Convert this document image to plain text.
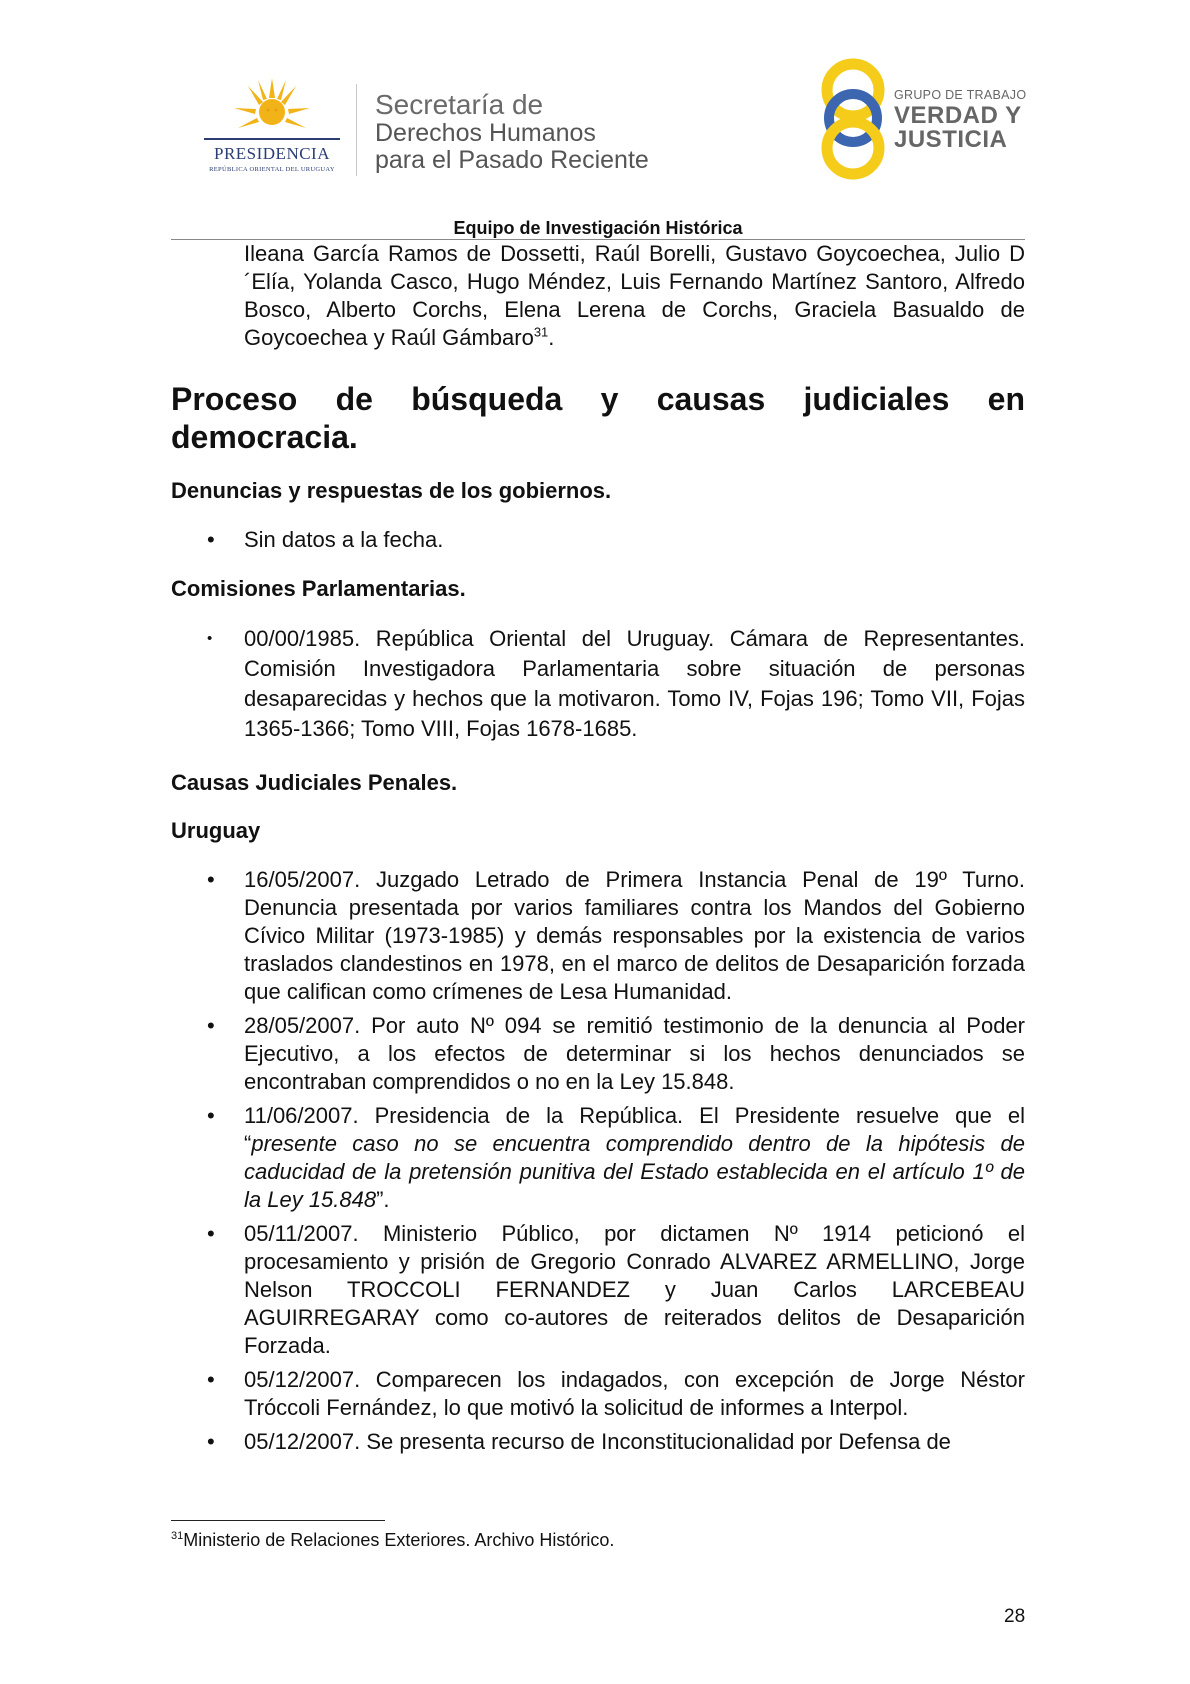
PRESIDENCIA
REPÚBLICA ORIENTAL DEL URUGUAY
Secretaría de
Derechos Humanos
para el Pasado Reciente
GRUPO DE TRABAJO
VERDAD Y
JUSTICIA
Equipo de Investigación Histórica

Ileana García Ramos de Dossetti, Raúl Borelli, Gustavo Goycoechea, Julio D´Elía, Yolanda Casco, Hugo Méndez, Luis Fernando Martínez Santoro, Alfredo Bosco, Alberto Corchs, Elena Lerena de Corchs, Graciela Basualdo de Goycoechea y Raúl Gámbaro$^{31}$.

Proceso de búsqueda y causas judiciales en democracia.
Denuncias y respuestas de los gobiernos.
• Sin datos a la fecha.
Comisiones Parlamentarias.
• 00/00/1985. República Oriental del Uruguay. Cámara de Representantes. Comisión Investigadora Parlamentaria sobre situación de personas desaparecidas y hechos que la motivaron. Tomo IV, Fojas 196; Tomo VII, Fojas 1365-1366; Tomo VIII, Fojas 1678-1685.
Causas Judiciales Penales.
Uruguay
• 16/05/2007. Juzgado Letrado de Primera Instancia Penal de 19º Turno. Denuncia presentada por varios familiares contra los Mandos del Gobierno Cívico Militar (1973-1985) y demás responsables por la existencia de varios traslados clandestinos en 1978, en el marco de delitos de Desaparición forzada que califican como crímenes de Lesa Humanidad.
• 28/05/2007. Por auto Nº 094 se remitió testimonio de la denuncia al Poder Ejecutivo, a los efectos de determinar si los hechos denunciados se encontraban comprendidos o no en la Ley 15.848.
• 11/06/2007. Presidencia de la República. El Presidente resuelve que el “presente caso no se encuentra comprendido dentro de la hipótesis de caducidad de la pretensión punitiva del Estado establecida en el artículo 1º de la Ley 15.848”.
• 05/11/2007. Ministerio Público, por dictamen Nº 1914 peticionó el procesamiento y prisión de Gregorio Conrado ALVAREZ ARMELLINO, Jorge Nelson TROCCOLI FERNANDEZ y Juan Carlos LARCEBEAU AGUIRREGARAY como co-autores de reiterados delitos de Desaparición Forzada.
• 05/12/2007. Comparecen los indagados, con excepción de Jorge Néstor Tróccoli Fernández, lo que motivó la solicitud de informes a Interpol.
• 05/12/2007. Se presenta recurso de Inconstitucionalidad por Defensa de
$^{31}$Ministerio de Relaciones Exteriores. Archivo Histórico.
28
